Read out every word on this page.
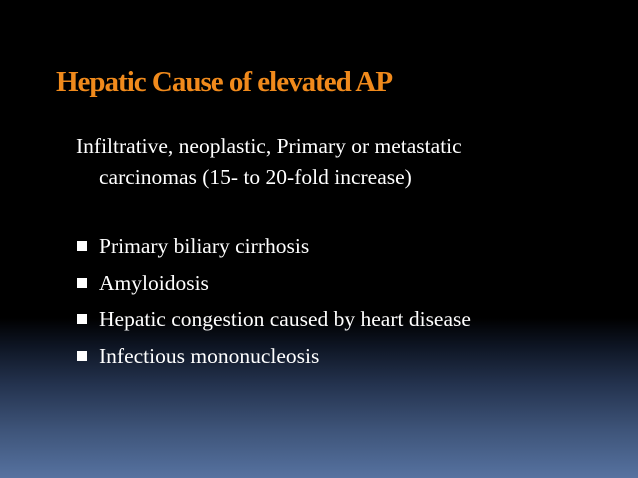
Hepatic Cause of elevated AP

Infiltrative, neoplastic, Primary or metastatic
carcinomas (15- to 20-fold increase)

Primary biliary cirrhosis
Amyloidosis
Hepatic congestion caused by heart disease
Infectious mononucleosis
